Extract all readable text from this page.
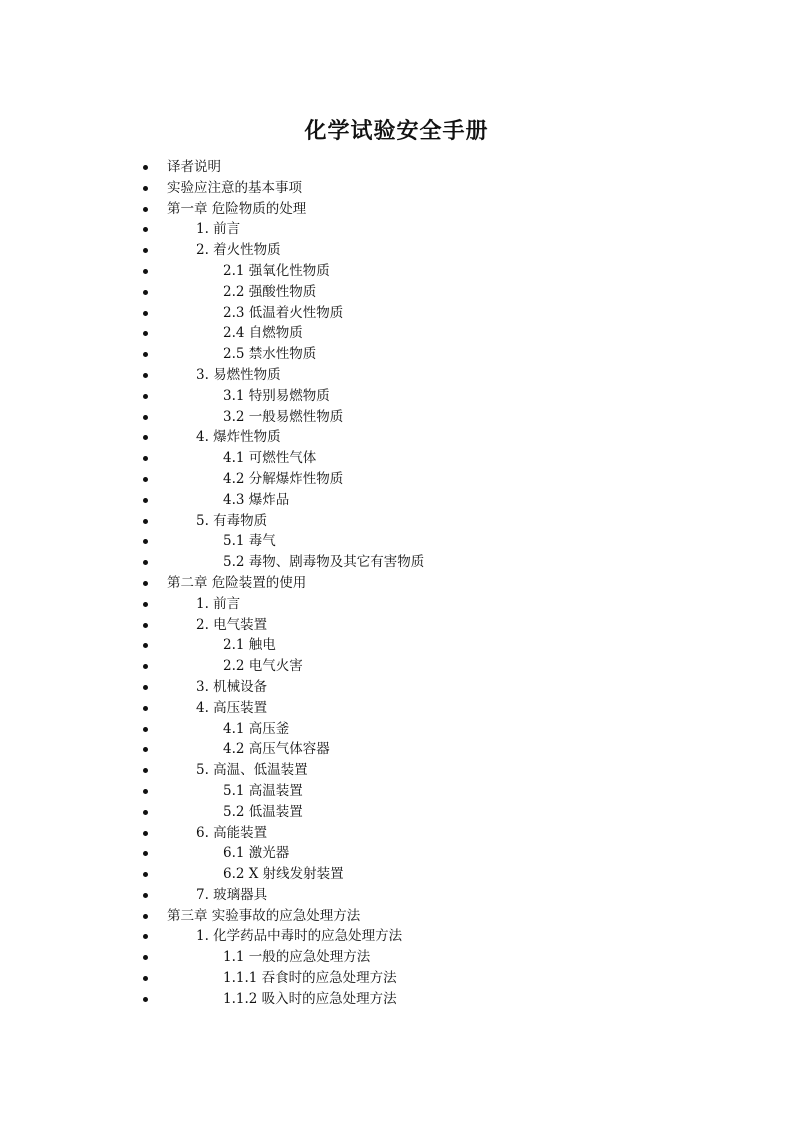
化学试验安全手册
译者说明
实验应注意的基本事项
第一章 危险物质的处理
1. 前言
2. 着火性物质
2.1 强氧化性物质
2.2 强酸性物质
2.3 低温着火性物质
2.4 自燃物质
2.5 禁水性物质
3. 易燃性物质
3.1 特别易燃物质
3.2 一般易燃性物质
4. 爆炸性物质
4.1 可燃性气体
4.2 分解爆炸性物质
4.3 爆炸品
5. 有毒物质
5.1 毒气
5.2 毒物、剧毒物及其它有害物质
第二章 危险装置的使用
1. 前言
2. 电气装置
2.1 触电
2.2 电气火害
3. 机械设备
4. 高压装置
4.1 高压釜
4.2 高压气体容器
5. 高温、低温装置
5.1 高温装置
5.2 低温装置
6. 高能装置
6.1 激光器
6.2 X 射线发射装置
7. 玻璃器具
第三章 实验事故的应急处理方法
1. 化学药品中毒时的应急处理方法
1.1 一般的应急处理方法
1.1.1 吞食时的应急处理方法
1.1.2 吸入时的应急处理方法
